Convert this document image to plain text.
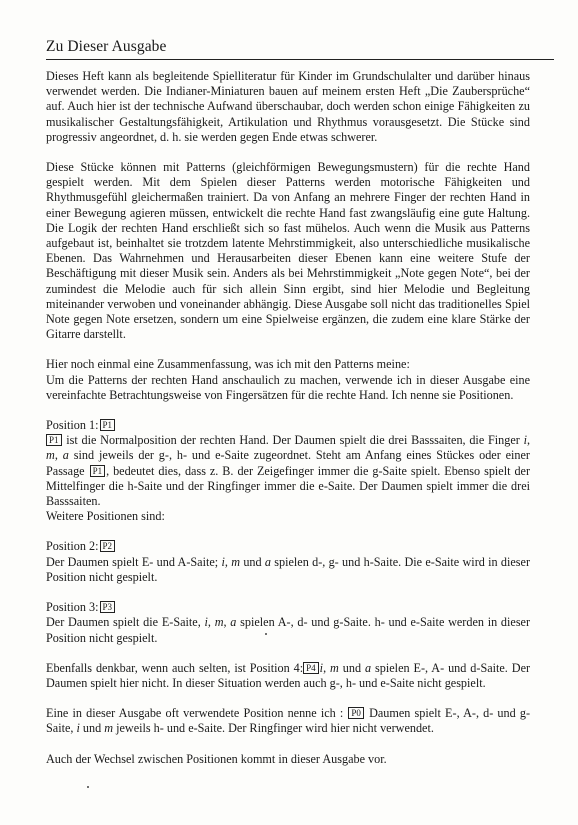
Zu Dieser Ausgabe

Dieses Heft kann als begleitende Spielliteratur für Kinder im Grundschulalter und darüber hinaus verwendet werden. Die Indianer-Miniaturen bauen auf meinem ersten Heft „Die Zaubersprüche“ auf. Auch hier ist der technische Aufwand überschaubar, doch werden schon einige Fähigkeiten zu musikalischer Gestaltungsfähigkeit, Artikulation und Rhythmus vorausgesetzt. Die Stücke sind progressiv angeordnet, d. h. sie werden gegen Ende etwas schwerer.

Diese Stücke können mit Patterns (gleichförmigen Bewegungsmustern) für die rechte Hand gespielt werden. Mit dem Spielen dieser Patterns werden motorische Fähigkeiten und Rhythmusgefühl gleichermaßen trainiert. Da von Anfang an mehrere Finger der rechten Hand in einer Bewegung agieren müssen, entwickelt die rechte Hand fast zwangsläufig eine gute Haltung. Die Logik der rechten Hand erschließt sich so fast mühelos. Auch wenn die Musik aus Patterns aufgebaut ist, beinhaltet sie trotzdem latente Mehrstimmigkeit, also unterschiedliche musikalische Ebenen. Das Wahrnehmen und Herausarbeiten dieser Ebenen kann eine weitere Stufe der Beschäftigung mit dieser Musik sein. Anders als bei Mehrstimmigkeit „Note gegen Note“, bei der zumindest die Melodie auch für sich allein Sinn ergibt, sind hier Melodie und Begleitung miteinander verwoben und voneinander abhängig. Diese Ausgabe soll nicht das traditionelles Spiel Note gegen Note ersetzen, sondern um eine Spielweise ergänzen, die zudem eine klare Stärke der Gitarre darstellt.

Hier noch einmal eine Zusammenfassung, was ich mit den Patterns meine:
Um die Patterns der rechten Hand anschaulich zu machen, verwende ich in dieser Ausgabe eine vereinfachte Betrachtungsweise von Fingersätzen für die rechte Hand. Ich nenne sie Positionen.

Position 1: P1
P1 ist die Normalposition der rechten Hand. Der Daumen spielt die drei Basssaiten, die Finger i, m, a sind jeweils der g-, h- und e-Saite zugeordnet. Steht am Anfang eines Stückes oder einer Passage P1 , bedeutet dies, dass z. B. der Zeigefinger immer die g-Saite spielt. Ebenso spielt der Mittelfinger die h-Saite und der Ringfinger immer die e-Saite. Der Daumen spielt immer die drei Basssaiten.
Weitere Positionen sind:

Position 2: P2
Der Daumen spielt E- und A-Saite; i, m und a spielen d-, g- und h-Saite. Die e-Saite wird in dieser Position nicht gespielt.

Position 3: P3
Der Daumen spielt die E-Saite, i, m, a spielen A-, d- und g-Saite. h- und e-Saite werden in dieser Position nicht gespielt.

Ebenfalls denkbar, wenn auch selten, ist Position 4: P4 i, m und a spielen E-, A- und d-Saite. Der Daumen spielt hier nicht. In dieser Situation werden auch g-, h- und e-Saite nicht gespielt.

Eine in dieser Ausgabe oft verwendete Position nenne ich : P0 Daumen spielt E-, A-, d- und g-Saite, i und m jeweils h- und e-Saite. Der Ringfinger wird hier nicht verwendet.

Auch der Wechsel zwischen Positionen kommt in dieser Ausgabe vor.
